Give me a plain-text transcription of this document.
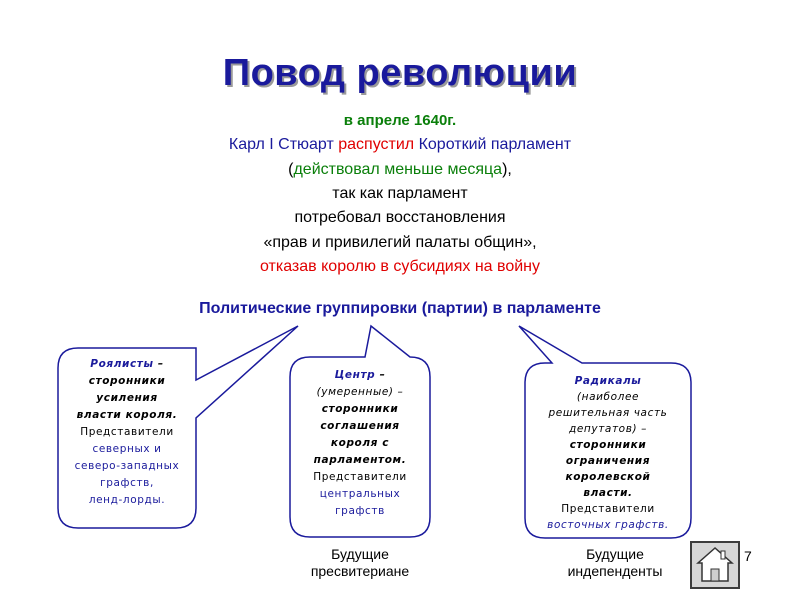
Повод революции
в апреле 1640г.
Карл I Стюарт распустил Короткий парламент
(действовал меньше месяца),
так как парламент
потребовал восстановления
«прав и привилегий палаты общин»,
отказав королю в субсидиях на войну
Политические группировки (партии) в парламенте
Роялисты –
сторонники
усиления
власти короля.
Представители
северных и
северо-западных
графств,
ленд-лорды.
Центр –
(умеренные) –
сторонники
соглашения
короля с
парламентом.
Представители
центральных
графств
Радикалы
(наиболее
решительная часть
депутатов) –
сторонники
ограничения
королевской
власти.
Представители
восточных графств.
Будущие
пресвитериане
Будущие
индепенденты
7
